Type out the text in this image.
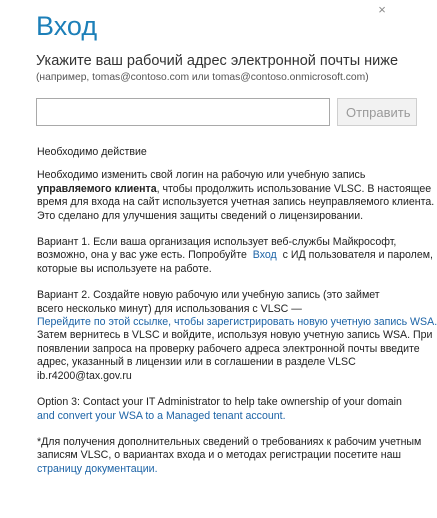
×
Вход
Укажите ваш рабочий адрес электронной почты ниже
(например, tomas@contoso.com или tomas@contoso.onmicrosoft.com)
Отправить

Необходимо действие

Необходимо изменить свой логин на рабочую или учебную запись
управляемого клиента, чтобы продолжить использование VLSC. В настоящее
время для входа на сайт используется учетная запись неуправляемого клиента.
Это сделано для улучшения защиты сведений о лицензировании.
Вариант 1. Если ваша организация использует веб-службы Майкрософт,
возможно, она у вас уже есть. Попробуйте Вход с ИД пользователя и паролем,
которые вы используете на работе.
Вариант 2. Создайте новую рабочую или учебную запись (это займет
всего несколько минут) для использования с VLSC —
Перейдите по этой ссылке, чтобы зарегистрировать новую учетную запись WSA.
Затем вернитесь в VLSC и войдите, используя новую учетную запись WSA. При
появлении запроса на проверку рабочего адреса электронной почты введите
адрес, указанный в лицензии или в соглашении в разделе VLSC
ib.r4200@tax.gov.ru
Option 3: Contact your IT Administrator to help take ownership of your domain
and convert your WSA to a Managed tenant account.
*Для получения дополнительных сведений о требованиях к рабочим учетным
записям VLSC, о вариантах входа и о методах регистрации посетите наш
страницу документации.
